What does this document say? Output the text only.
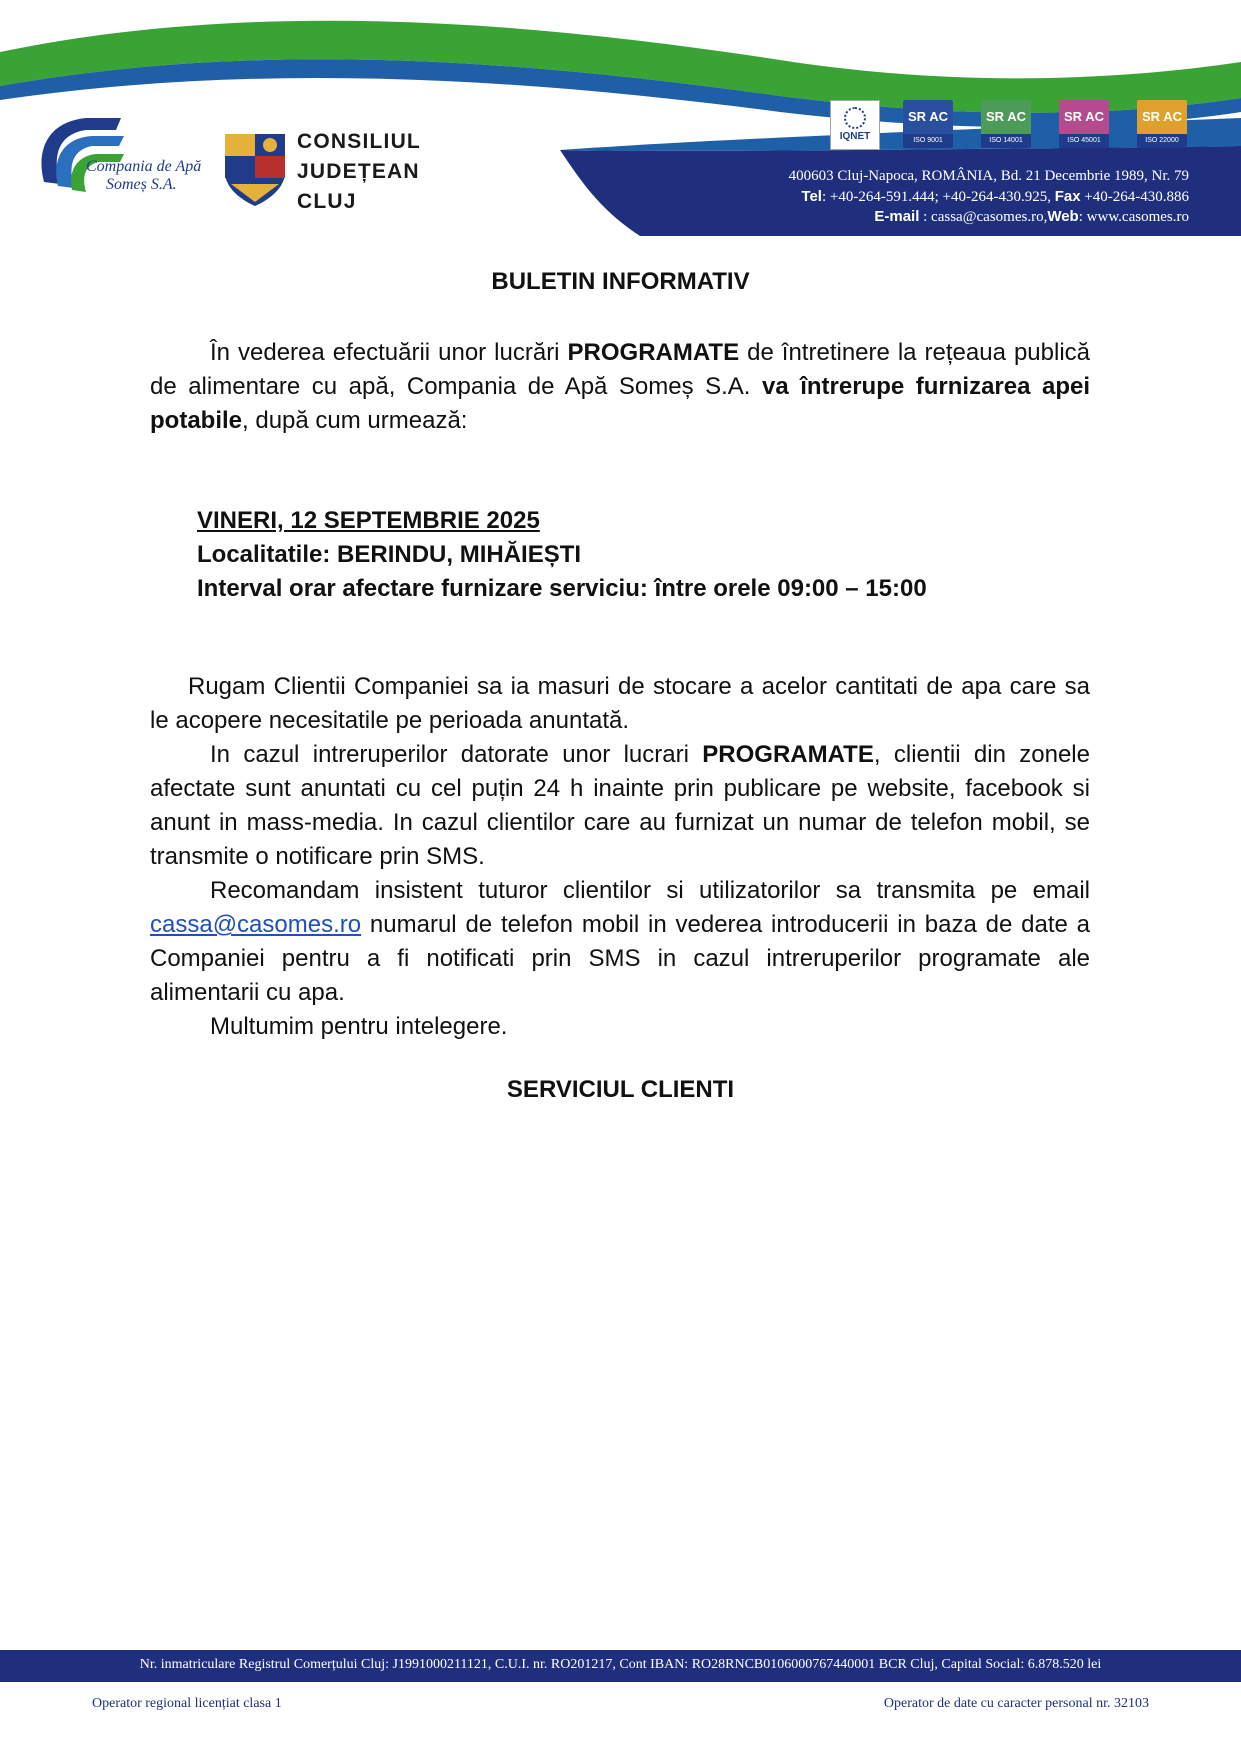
Compania de Apă
Someș S.A.
CONSILIUL
JUDEȚEAN
CLUJ
IQNET
SR AC
ISO 9001
SR AC
ISO 14001
SR AC
ISO 45001
SR AC
ISO 22000
400603 Cluj-Napoca, ROMÂNIA, Bd. 21 Decembrie 1989, Nr. 79
Tel: +40-264-591.444; +40-264-430.925, Fax +40-264-430.886
E-mail : cassa@casomes.ro,Web: www.casomes.ro
BULETIN INFORMATIV

În vederea efectuării unor lucrări PROGRAMATE de întretinere la rețeaua publică de alimentare cu apă, Compania de Apă Someș S.A. va întrerupe furnizarea apei potabile, după cum urmează:

VINERI, 12 SEPTEMBRIE 2025
Localitatile: BERINDU, MIHĂIEȘTI
Interval orar afectare furnizare serviciu: între orele 09:00 – 15:00

Rugam Clientii Companiei sa ia masuri de stocare a acelor cantitati de apa care sa le acopere necesitatile pe perioada anuntată.

In cazul intreruperilor datorate unor lucrari PROGRAMATE, clientii din zonele afectate sunt anuntati cu cel puțin 24 h inainte prin publicare pe website, facebook si anunt in mass-media. In cazul clientilor care au furnizat un numar de telefon mobil, se transmite o notificare prin SMS.

Recomandam insistent tuturor clientilor si utilizatorilor sa transmita pe email cassa@casomes.ro numarul de telefon mobil in vederea introducerii in baza de date a Companiei pentru a fi notificati prin SMS in cazul intreruperilor programate ale alimentarii cu apa.

Multumim pentru intelegere.

SERVICIUL CLIENTI
Nr. inmatriculare Registrul Comerțului Cluj: J1991000211121, C.U.I. nr. RO201217, Cont IBAN: RO28RNCB0106000767440001 BCR Cluj, Capital Social: 6.878.520 lei
Operator regional licențiat clasa 1	Operator de date cu caracter personal nr. 32103
